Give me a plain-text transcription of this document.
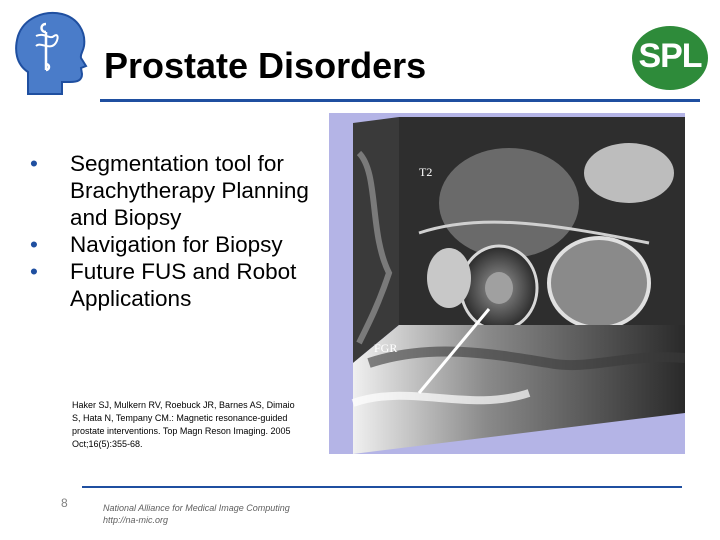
Prostate Disorders	SPL
• Segmentation tool for Brachytherapy Planning and Biopsy
• Navigation for Biopsy
• Future FUS and Robot Applications

Haker SJ, Mulkern RV, Roebuck JR, Barnes AS, Dimaio S, Hata N, Tempany CM.: Magnetic resonance-guided prostate interventions. Top Magn Reson Imaging. 2005 Oct;16(5):355-68.

T2
FGR
8	National Alliance for Medical Image Computing
http://na-mic.org
